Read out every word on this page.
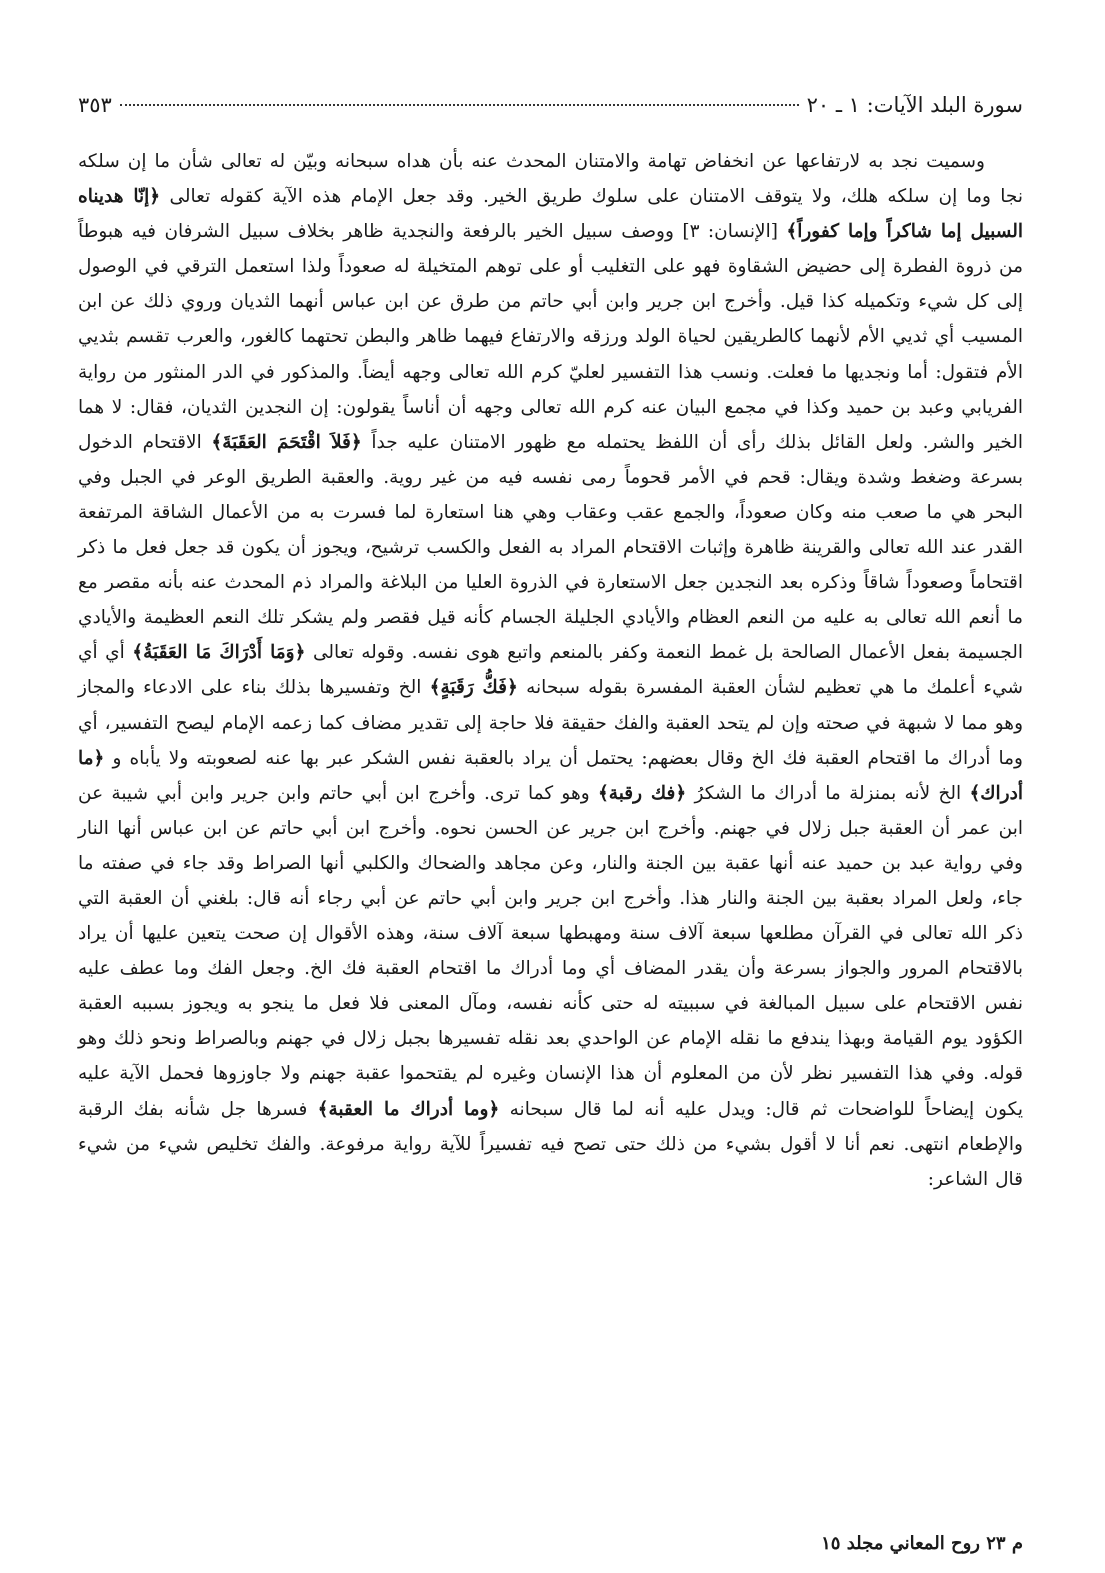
سورة البلد الآيات: ١ ـ ٢٠
٣٥٣

وسميت نجد به لارتفاعها عن انخفاض تهامة والامتنان المحدث عنه بأن هداه سبحانه وبيّن له تعالى شأن ما إن سلكه نجا وما إن سلكه هلك، ولا يتوقف الامتنان على سلوك طريق الخير. وقد جعل الإمام هذه الآية كقوله تعالى ﴿إنّا هديناه السبيل إما شاكراً وإما كفوراً﴾ [الإنسان: ٣] ووصف سبيل الخير بالرفعة والنجدية ظاهر بخلاف سبيل الشرفان فيه هبوطاً من ذروة الفطرة إلى حضيض الشقاوة فهو على التغليب أو على توهم المتخيلة له صعوداً ولذا استعمل الترقي في الوصول إلى كل شيء وتكميله كذا قيل. وأخرج ابن جرير وابن أبي حاتم من طرق عن ابن عباس أنهما الثديان وروي ذلك عن ابن المسيب أي ثديي الأم لأنهما كالطريقين لحياة الولد ورزقه والارتفاع فيهما ظاهر والبطن تحتهما كالغور، والعرب تقسم بثديي الأم فتقول: أما ونجديها ما فعلت. ونسب هذا التفسير لعليّ كرم الله تعالى وجهه أيضاً. والمذكور في الدر المنثور من رواية الفريابي وعبد بن حميد وكذا في مجمع البيان عنه كرم الله تعالى وجهه أن أناساً يقولون: إن النجدين الثديان، فقال: لا هما الخير والشر. ولعل القائل بذلك رأى أن اللفظ يحتمله مع ظهور الامتنان عليه جداً ﴿فَلاَ اقْتَحَمَ العَقَبَةَ﴾ الاقتحام الدخول بسرعة وضغط وشدة ويقال: قحم في الأمر قحوماً رمى نفسه فيه من غير روية. والعقبة الطريق الوعر في الجبل وفي البحر هي ما صعب منه وكان صعوداً، والجمع عقب وعقاب وهي هنا استعارة لما فسرت به من الأعمال الشاقة المرتفعة القدر عند الله تعالى والقرينة ظاهرة وإثبات الاقتحام المراد به الفعل والكسب ترشيح، ويجوز أن يكون قد جعل فعل ما ذكر اقتحاماً وصعوداً شاقاً وذكره بعد النجدين جعل الاستعارة في الذروة العليا من البلاغة والمراد ذم المحدث عنه بأنه مقصر مع ما أنعم الله تعالى به عليه من النعم العظام والأيادي الجليلة الجسام كأنه قيل فقصر ولم يشكر تلك النعم العظيمة والأيادي الجسيمة بفعل الأعمال الصالحة بل غمط النعمة وكفر بالمنعم واتبع هوى نفسه. وقوله تعالى ﴿وَمَا أَدْرَاكَ مَا العَقَبَةُ﴾ أي أي شيء أعلمك ما هي تعظيم لشأن العقبة المفسرة بقوله سبحانه ﴿فَكُّ رَقَبَةٍ﴾ الخ وتفسيرها بذلك بناء على الادعاء والمجاز وهو مما لا شبهة في صحته وإن لم يتحد العقبة والفك حقيقة فلا حاجة إلى تقدير مضاف كما زعمه الإمام ليصح التفسير، أي وما أدراك ما اقتحام العقبة فك الخ وقال بعضهم: يحتمل أن يراد بالعقبة نفس الشكر عبر بها عنه لصعوبته ولا يأباه و ﴿ما أدراك﴾ الخ لأنه بمنزلة ما أدراك ما الشكرُ ﴿فك رقبة﴾ وهو كما ترى. وأخرج ابن أبي حاتم وابن جرير وابن أبي شيبة عن ابن عمر أن العقبة جبل زلال في جهنم. وأخرج ابن جرير عن الحسن نحوه. وأخرج ابن أبي حاتم عن ابن عباس أنها النار وفي رواية عبد بن حميد عنه أنها عقبة بين الجنة والنار، وعن مجاهد والضحاك والكلبي أنها الصراط وقد جاء في صفته ما جاء، ولعل المراد بعقبة بين الجنة والنار هذا. وأخرج ابن جرير وابن أبي حاتم عن أبي رجاء أنه قال: بلغني أن العقبة التي ذكر الله تعالى في القرآن مطلعها سبعة آلاف سنة ومهبطها سبعة آلاف سنة، وهذه الأقوال إن صحت يتعين عليها أن يراد بالاقتحام المرور والجواز بسرعة وأن يقدر المضاف أي وما أدراك ما اقتحام العقبة فك الخ. وجعل الفك وما عطف عليه نفس الاقتحام على سبيل المبالغة في سببيته له حتى كأنه نفسه، ومآل المعنى فلا فعل ما ينجو به ويجوز بسببه العقبة الكؤود يوم القيامة وبهذا يندفع ما نقله الإمام عن الواحدي بعد نقله تفسيرها بجبل زلال في جهنم وبالصراط ونحو ذلك وهو قوله. وفي هذا التفسير نظر لأن من المعلوم أن هذا الإنسان وغيره لم يقتحموا عقبة جهنم ولا جاوزوها فحمل الآية عليه يكون إيضاحاً للواضحات ثم قال: ويدل عليه أنه لما قال سبحانه ﴿وما أدراك ما العقبة﴾ فسرها جل شأنه بفك الرقبة والإطعام انتهى. نعم أنا لا أقول بشيء من ذلك حتى تصح فيه تفسيراً للآية رواية مرفوعة. والفك تخليص شيء من شيء قال الشاعر:

م ٢٣ روح المعاني مجلد ١٥
